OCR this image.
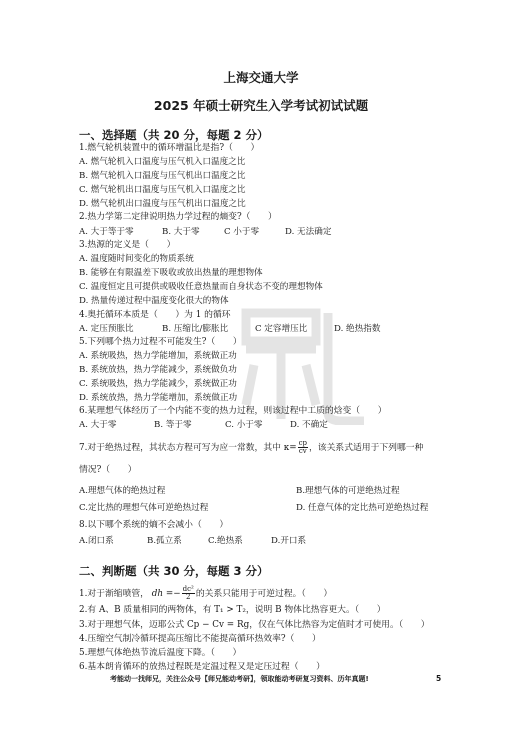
上海交通大学
2025 年硕士研究生入学考试初试试题
一、选择题（共 20 分，每题 2 分）
1.燃气轮机装置中的循环增温比是指?（　　）
A. 燃气轮机入口温度与压气机入口温度之比
B. 燃气轮机入口温度与压气机出口温度之比
C. 燃气轮机出口温度与压气机入口温度之比
D. 燃气轮机出口温度与压气机出口温度之比
2.热力学第二定律说明热力学过程的熵变?（　　）
A. 大于等于零	B. 大于零	C 小于零	D. 无法确定
3.热源的定义是（　　）
A. 温度随时间变化的物质系统
B. 能够在有限温差下吸收或放出热量的理想物体
C. 温度恒定且可提供或吸收任意热量而自身状态不变的理想物体
D. 热量传递过程中温度变化很大的物体
4.奥托循环本质是（　　）为 1 的循环
A. 定压预胀比	B. 压缩比/膨胀比	C 定容增压比	D. 绝热指数
5.下列哪个热力过程不可能发生?（　　）
A. 系统吸热，热力学能增加，系统做正功
B. 系统放热，热力学能减少，系统做负功
C. 系统吸热，热力学能减少，系统做正功
D. 系统放热，热力学能增加，系统做正功
6.某理想气体经历了一个内能不变的热力过程，则该过程中工质的焓变（　　）
A. 大于零	B. 等于零	C. 小于零	D. 不确定
7.对于绝热过程，其状态方程可写为应一常数，其中 $\kappa= \frac{cp}{cv}$ ，该关系式适用于下列哪一种
情况?（　　）
A.理想气体的绝热过程	B.理想气体的可逆绝热过程
C.定比热的理想气体可逆绝热过程	D. 任意气体的定比热可逆绝热过程
8.以下哪个系统的熵不会减小（　　）
A.闭口系	B.孤立系	C.绝热系	D.开口系
二、判断题（共 30 分，每题 3 分）
1.对于渐缩喷管， dh =− $\frac{\text{dc²}}{2}$ 的关系只能用于可逆过程。（　　）
2.有 A、B 质量相同的两物体，有 T₁ > T₂，说明 B 物体比热容更大。（　　）
3.对于理想气体，迈耶公式 Cp − Cv = Rg，仅在气体比热容为定值时才可使用。（　　）
4.压缩空气制冷循环提高压缩比不能提高循环热效率?（　　）
5.理想气体绝热节流后温度下降。（　　）
6.基本朗肯循环的放热过程既是定温过程又是定压过程（　　）
考能动一找师兄，关注公众号【师兄能动考研】，领取能动考研复习资料、历年真题!	5
